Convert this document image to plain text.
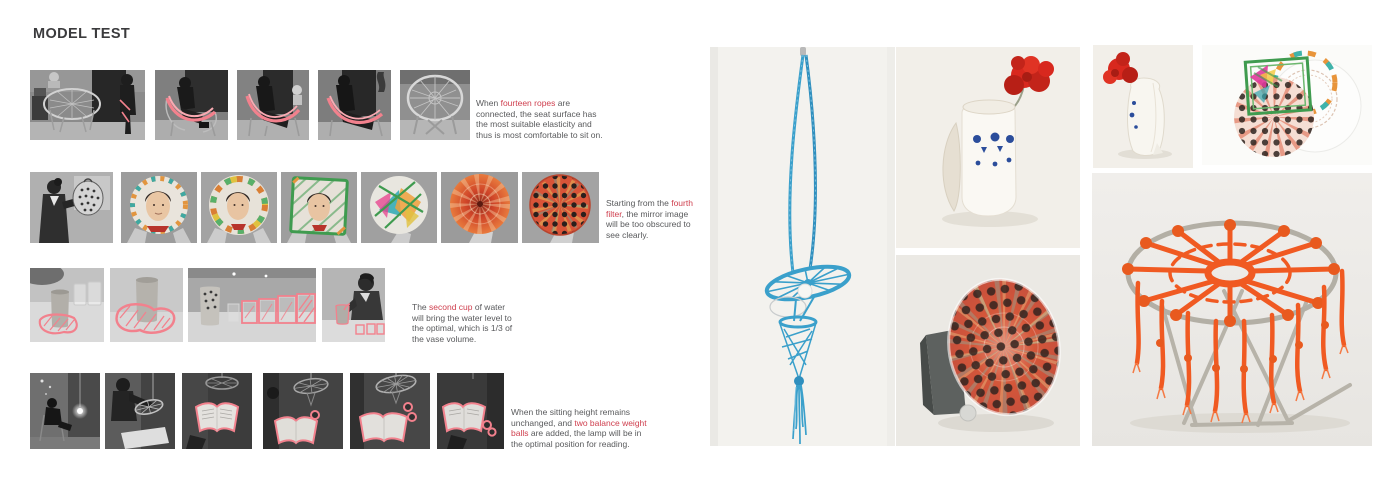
MODEL TEST
When fourteen ropes are
connected, the seat surface has
the most suitable elasticity and
thus is most comfortable to sit on.
Starting from the fourth
filter, the mirror image
will be too obscured to
see clearly.
The second cup of water
will bring the water level to
the optimal, which is 1/3 of
the vase volume.
When the sitting height remains
unchanged, and two balance weight
balls are added, the lamp will be in
the optimal position for reading.
